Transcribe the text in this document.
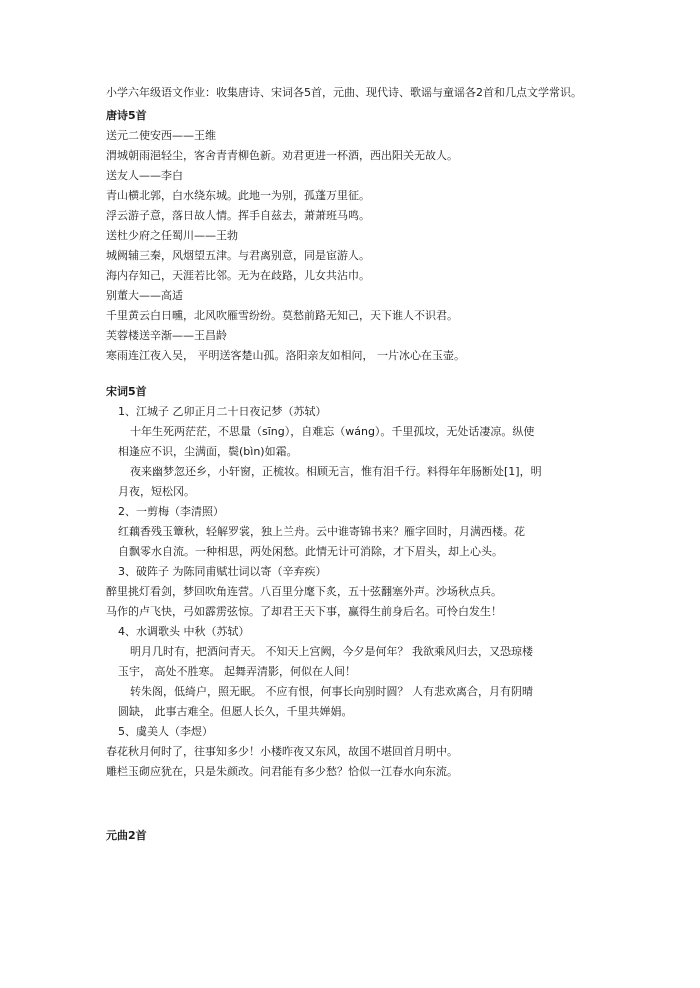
小学六年级语文作业：收集唐诗、宋词各5首，元曲、现代诗、歌谣与童谣各2首和几点文学常识。

唐诗5首

送元二使安西——王维

渭城朝雨浥轻尘，客舍青青柳色新。劝君更进一杯酒，西出阳关无故人。

送友人——李白

青山横北郭，白水绕东城。此地一为别，孤蓬万里征。

浮云游子意，落日故人情。挥手自兹去，萧萧班马鸣。

送杜少府之任蜀川——王勃

城阙辅三秦，风烟望五津。与君离别意，同是宦游人。

海内存知己，天涯若比邻。无为在歧路，儿女共沾巾。

别董大——高适

千里黄云白日曛，北风吹雁雪纷纷。莫愁前路无知己，天下谁人不识君。

芙蓉楼送辛渐——王昌龄

寒雨连江夜入吴， 平明送客楚山孤。洛阳亲友如相问， 一片冰心在玉壶。

宋词5首

1、江城子 乙卯正月二十日夜记梦（苏轼）

十年生死两茫茫，不思量（sīng），自难忘（wáng）。千里孤坟，无处话凄凉。纵使

相逢应不识，尘满面，鬓(bìn)如霜。

夜来幽梦忽还乡，小轩窗，正梳妆。相顾无言，惟有泪千行。料得年年肠断处[1]，明

月夜，短松冈。

2、一剪梅（李清照）

红藕香残玉簟秋，轻解罗裳，独上兰舟。云中谁寄锦书来？雁字回时，月满西楼。花

自飘零水自流。一种相思，两处闲愁。此情无计可消除，才下眉头，却上心头。

3、破阵子 为陈同甫赋壮词以寄（辛弃疾）

醉里挑灯看剑，梦回吹角连营。八百里分麾下炙，五十弦翻塞外声。沙场秋点兵。

马作的卢飞快，弓如霹雳弦惊。了却君王天下事，赢得生前身后名。可怜白发生！

4、水调歌头 中秋（苏轼）

明月几时有，把酒问青天。 不知天上宫阙，今夕是何年？ 我欲乘风归去，又恐琼楼

玉宇， 高处不胜寒。 起舞弄清影，何似在人间！

转朱阁，低绮户，照无眠。 不应有恨，何事长向别时圆？ 人有悲欢离合，月有阴晴

圆缺， 此事古难全。但愿人长久，千里共婵娟。

5、虞美人（李煜）

春花秋月何时了，往事知多少！小楼昨夜又东风，故国不堪回首月明中。

雕栏玉砌应犹在，只是朱颜改。问君能有多少愁？恰似一江春水向东流。

元曲2首
